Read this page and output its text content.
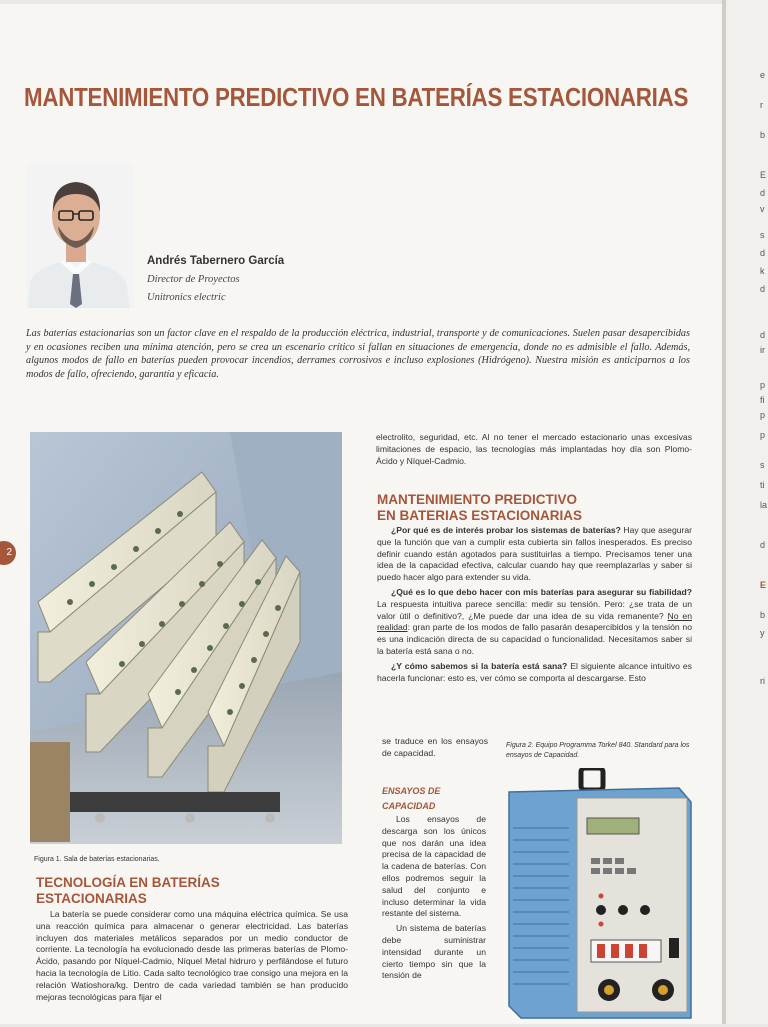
e
r
b
E
d
v
s
d
k
d
d
ir
p
fi
p
p
s
ti
la
d
E
b
y
ri
MANTENIMIENTO PREDICTIVO EN BATERÍAS ESTACIONARIAS
Andrés Tabernero García
Director de Proyectos
Unitronics electric
Las baterías estacionarias son un factor clave en el respaldo de la producción eléctrica, industrial, transporte y de comunicaciones. Suelen pasar desapercibidas y en ocasiones reciben una mínima atención, pero se crea un escenario crítico si fallan en situaciones de emergencia, donde no es admisible el fallo. Además, algunos modos de fallo en baterías pueden provocar incendios, derrames corrosivos e incluso explosiones (Hidrógeno). Nuestra misión es anticiparnos a los modos de fallo, ofreciendo, garantía y eficacia.
2
Figura 1. Sala de baterías estacionarias.
TECNOLOGÍA EN BATERÍAS
ESTACIONARIAS
La batería se puede considerar como una máquina eléctrica química. Se usa una reacción química para almacenar o generar electricidad. Las baterías incluyen dos materiales metálicos separados por un medio conductor de corriente. La tecnología ha evolucionado desde las primeras baterías de Plomo-Ácido, pasando por Níquel-Cadmio, Níquel Metal hidruro y perfilándose el futuro hacia la tecnología de Litio. Cada salto tecnológico trae consigo una mejora en la relación Watioshora/kg. Dentro de cada variedad también se han producido mejoras tecnológicas para fijar el
electrolito, seguridad, etc. Al no tener el mercado estacionario unas excesivas limitaciones de espacio, las tecnologías más implantadas hoy día son Plomo-Ácido y Níquel-Cadmio.
MANTENIMIENTO PREDICTIVO
EN BATERIAS ESTACIONARIAS

¿Por qué es de interés probar los sistemas de baterías? Hay que asegurar que la función que van a cumplir esta cubierta sin fallos inesperados. Es preciso definir cuando están agotados para sustituirlas a tiempo. Precisamos tener una idea de la capacidad efectiva, calcular cuando hay que reemplazarlas y saber si puedo hacer algo para extender su vida.

¿Qué es lo que debo hacer con mis baterías para asegurar su fiabilidad? La respuesta intuitiva parece sencilla: medir su tensión. Pero: ¿se trata de un valor útil o definitivo?, ¿Me puede dar una idea de su vida remanente? No en realidad: gran parte de los modos de fallo pasarán desapercibidos y la tensión no es una indicación directa de su capacidad o funcionalidad. Necesitamos saber si la batería está sana o no.

¿Y cómo sabemos si la batería está sana? El siguiente alcance intuitivo es hacerla funcionar: esto es, ver cómo se comporta al descargarse. Esto

se traduce en los ensayos de capacidad.
Figura 2. Equipo Programma Torkel 840. Standard para los ensayos de Capacidad.
ENSAYOS DE
CAPACIDAD

Los ensayos de descarga son los únicos que nos darán una idea precisa de la capacidad de la cadena de baterías. Con ellos podremos seguir la salud del conjunto e incluso determinar la vida restante del sistema.

Un sistema de baterías debe suministrar intensidad durante un cierto tiempo sin que la tensión de
